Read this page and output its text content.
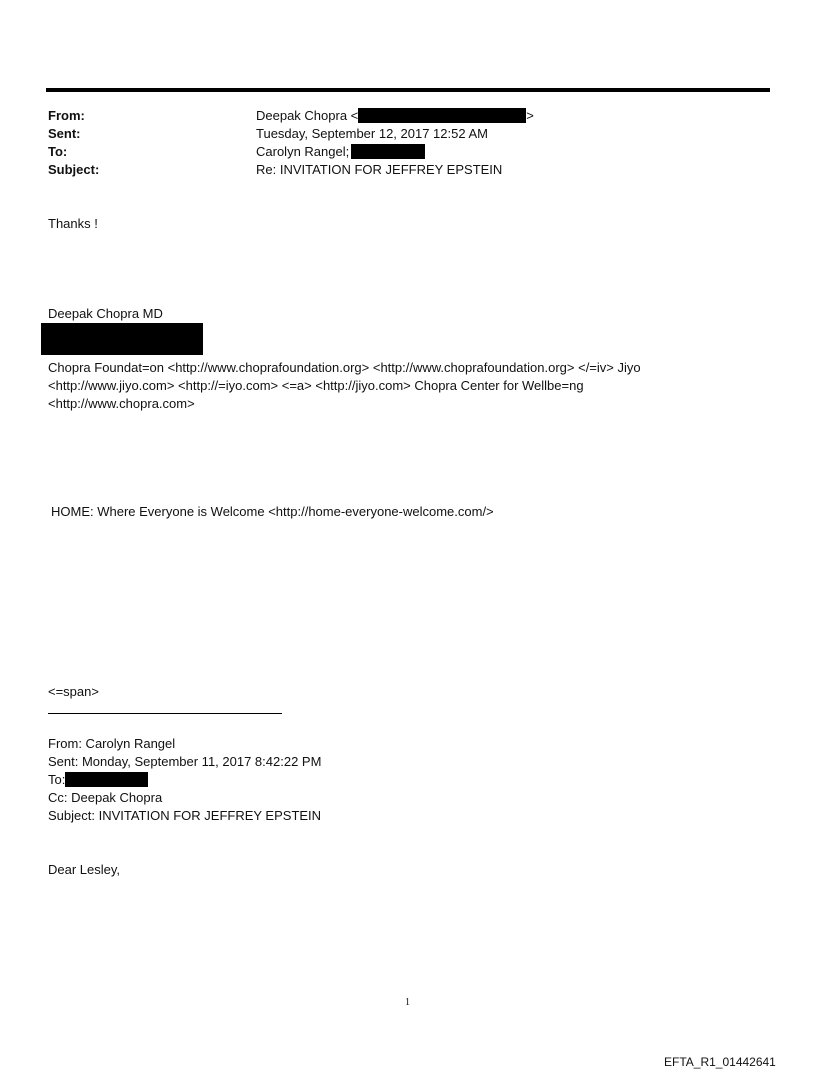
From:
Sent:
To:
Subject:
Deepak Chopra <	>
Tuesday, September 12, 2017 12:52 AM
Carolyn Rangel;
Re: INVITATION FOR JEFFREY EPSTEIN
Thanks !
Deepak Chopra MD
Chopra Foundat=on <http://www.choprafoundation.org> <http://www.choprafoundation.org> </=iv> Jiyo
<http://www.jiyo.com> <http://=iyo.com> <=a> <http://jiyo.com> Chopra Center for Wellbe=ng
<http://www.chopra.com>
HOME: Where Everyone is Welcome <http://home-everyone-welcome.com/>
<=span>
From: Carolyn Rangel
Sent: Monday, September 11, 2017 8:42:22 PM
To:
Cc: Deepak Chopra
Subject: INVITATION FOR JEFFREY EPSTEIN
Dear Lesley,
1
EFTA_R1_01442641
